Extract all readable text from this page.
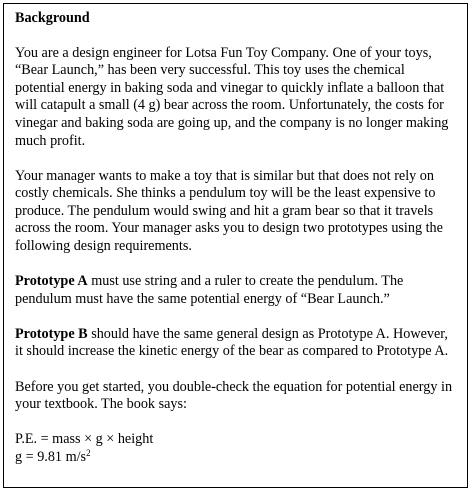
Background
You are a design engineer for Lotsa Fun Toy Company. One of your toys, “Bear Launch,” has been very successful. This toy uses the chemical potential energy in baking soda and vinegar to quickly inflate a balloon that will catapult a small (4 g) bear across the room. Unfortunately, the costs for vinegar and baking soda are going up, and the company is no longer making much profit.
Your manager wants to make a toy that is similar but that does not rely on costly chemicals. She thinks a pendulum toy will be the least expensive to produce. The pendulum would swing and hit a gram bear so that it travels across the room. Your manager asks you to design two prototypes using the following design requirements.
Prototype A must use string and a ruler to create the pendulum. The pendulum must have the same potential energy of “Bear Launch.”
Prototype B should have the same general design as Prototype A. However, it should increase the kinetic energy of the bear as compared to Prototype A.
Before you get started, you double-check the equation for potential energy in your textbook. The book says:
P.E. = mass × g × height
g = 9.81 $m/s^2$
